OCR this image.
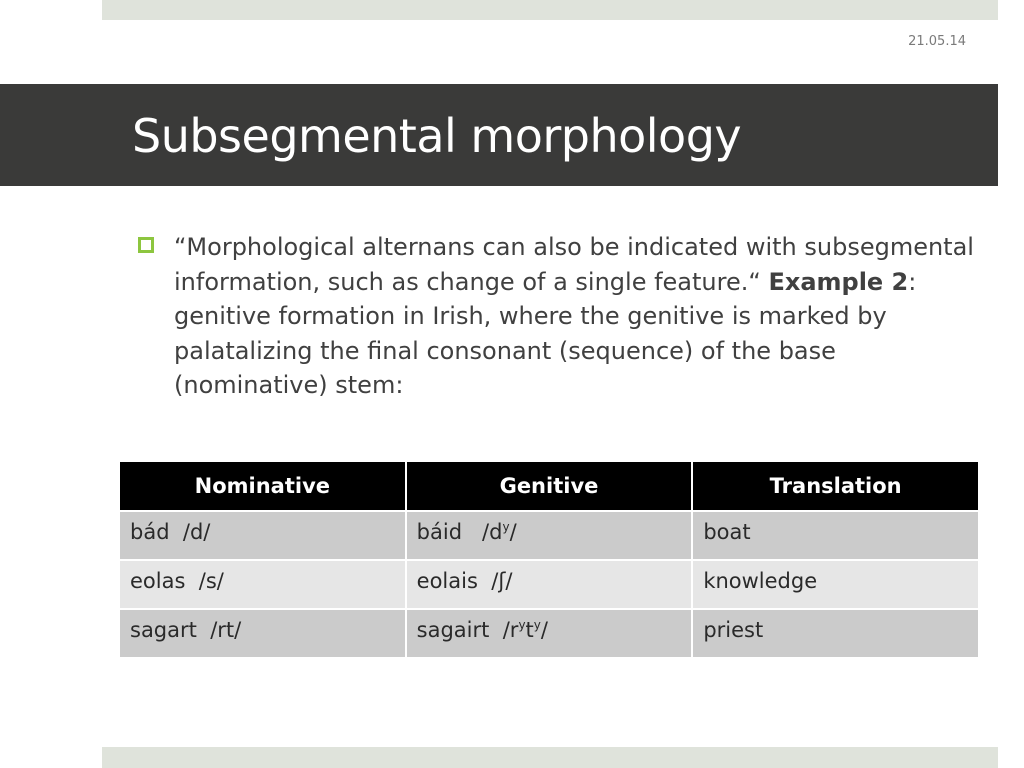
21.05.14
Subsegmental morphology
“Morphological alternans can also be indicated with subsegmental information, such as change of a single feature.“ Example 2: genitive formation in Irish, where the genitive is marked by palatalizing the final consonant (sequence) of the base (nominative) stem:
Nominative	Genitive	Translation
bád  /d/	báid   $/d^y/$	boat
eolas  /s/	eolais  /ʃ/	knowledge
sagart  /rt/	sagairt  $/r^yt^y/$	priest
